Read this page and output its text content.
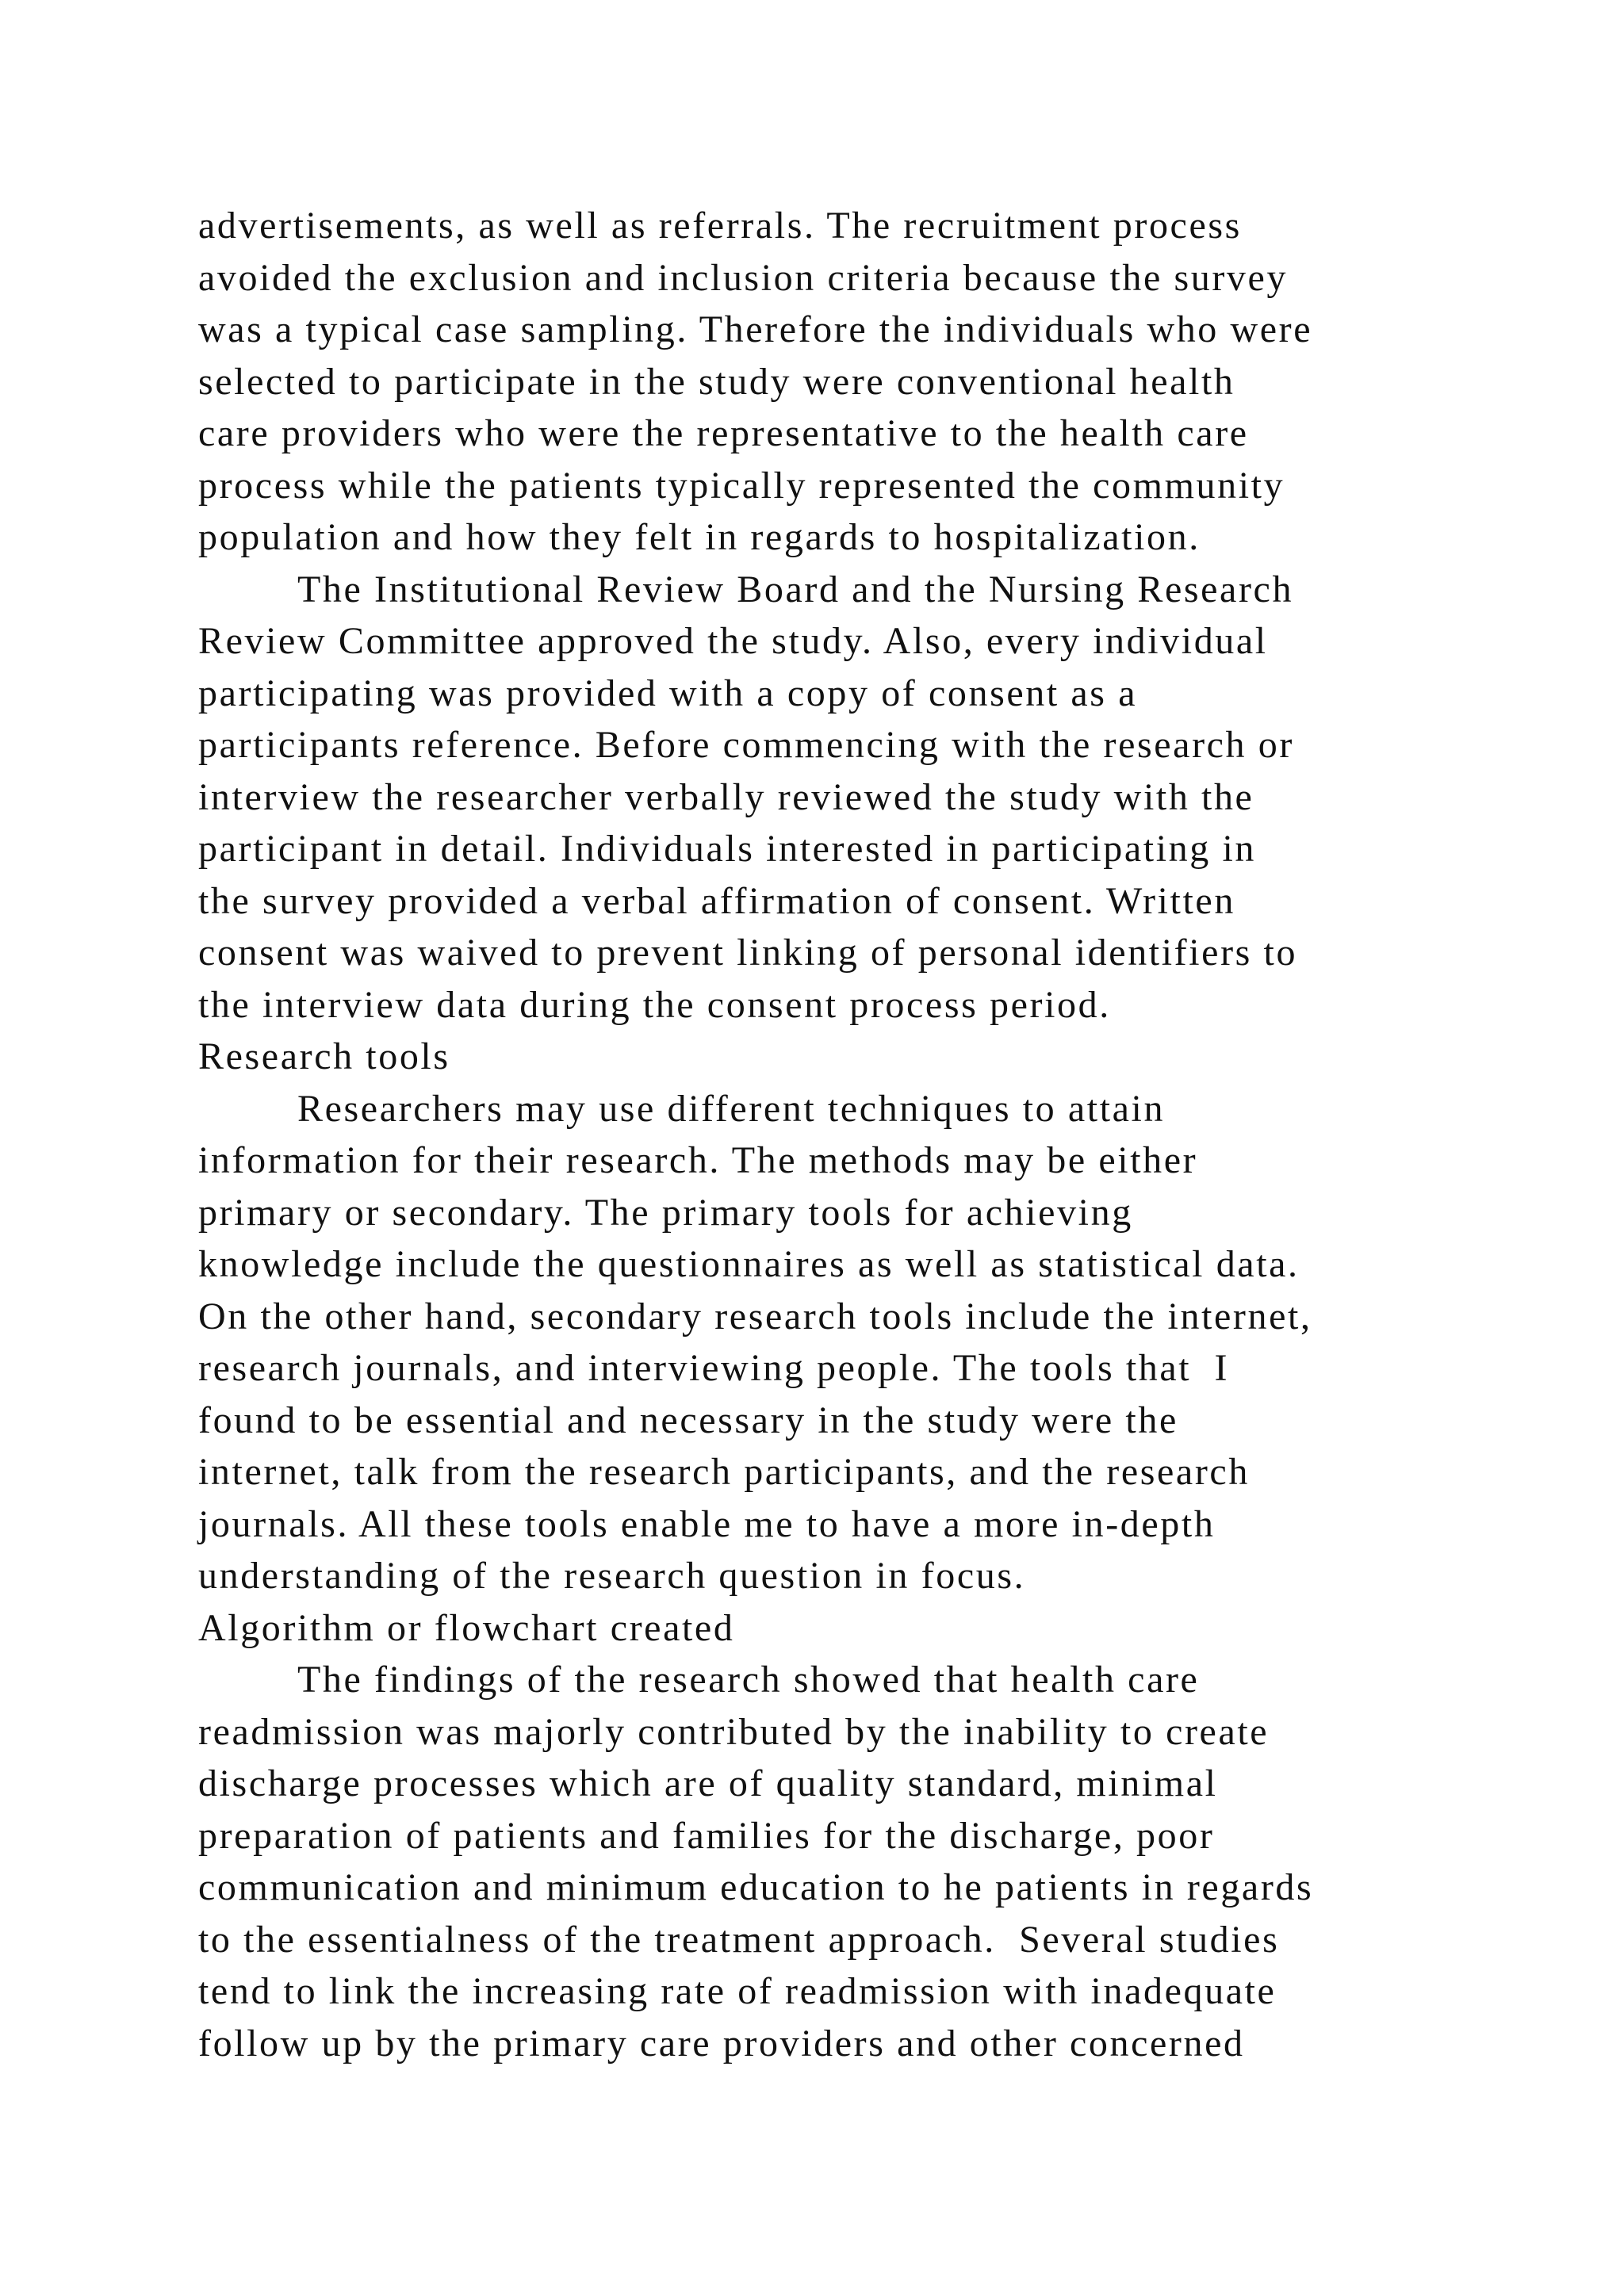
advertisements, as well as referrals. The recruitment process
avoided the exclusion and inclusion criteria because the survey
was a typical case sampling. Therefore the individuals who were
selected to participate in the study were conventional health
care providers who were the representative to the health care
process while the patients typically represented the community
population and how they felt in regards to hospitalization.
The Institutional Review Board and the Nursing Research
Review Committee approved the study. Also, every individual
participating was provided with a copy of consent as a
participants reference. Before commencing with the research or
interview the researcher verbally reviewed the study with the
participant in detail. Individuals interested in participating in
the survey provided a verbal affirmation of consent. Written
consent was waived to prevent linking of personal identifiers to
the interview data during the consent process period.
Research tools
Researchers may use different techniques to attain
information for their research. The methods may be either
primary or secondary. The primary tools for achieving
knowledge include the questionnaires as well as statistical data.
On the other hand, secondary research tools include the internet,
research journals, and interviewing people. The tools that  I
found to be essential and necessary in the study were the
internet, talk from the research participants, and the research
journals. All these tools enable me to have a more in-depth
understanding of the research question in focus.
Algorithm or flowchart created
The findings of the research showed that health care
readmission was majorly contributed by the inability to create
discharge processes which are of quality standard, minimal
preparation of patients and families for the discharge, poor
communication and minimum education to he patients in regards
to the essentialness of the treatment approach.  Several studies
tend to link the increasing rate of readmission with inadequate
follow up by the primary care providers and other concerned
